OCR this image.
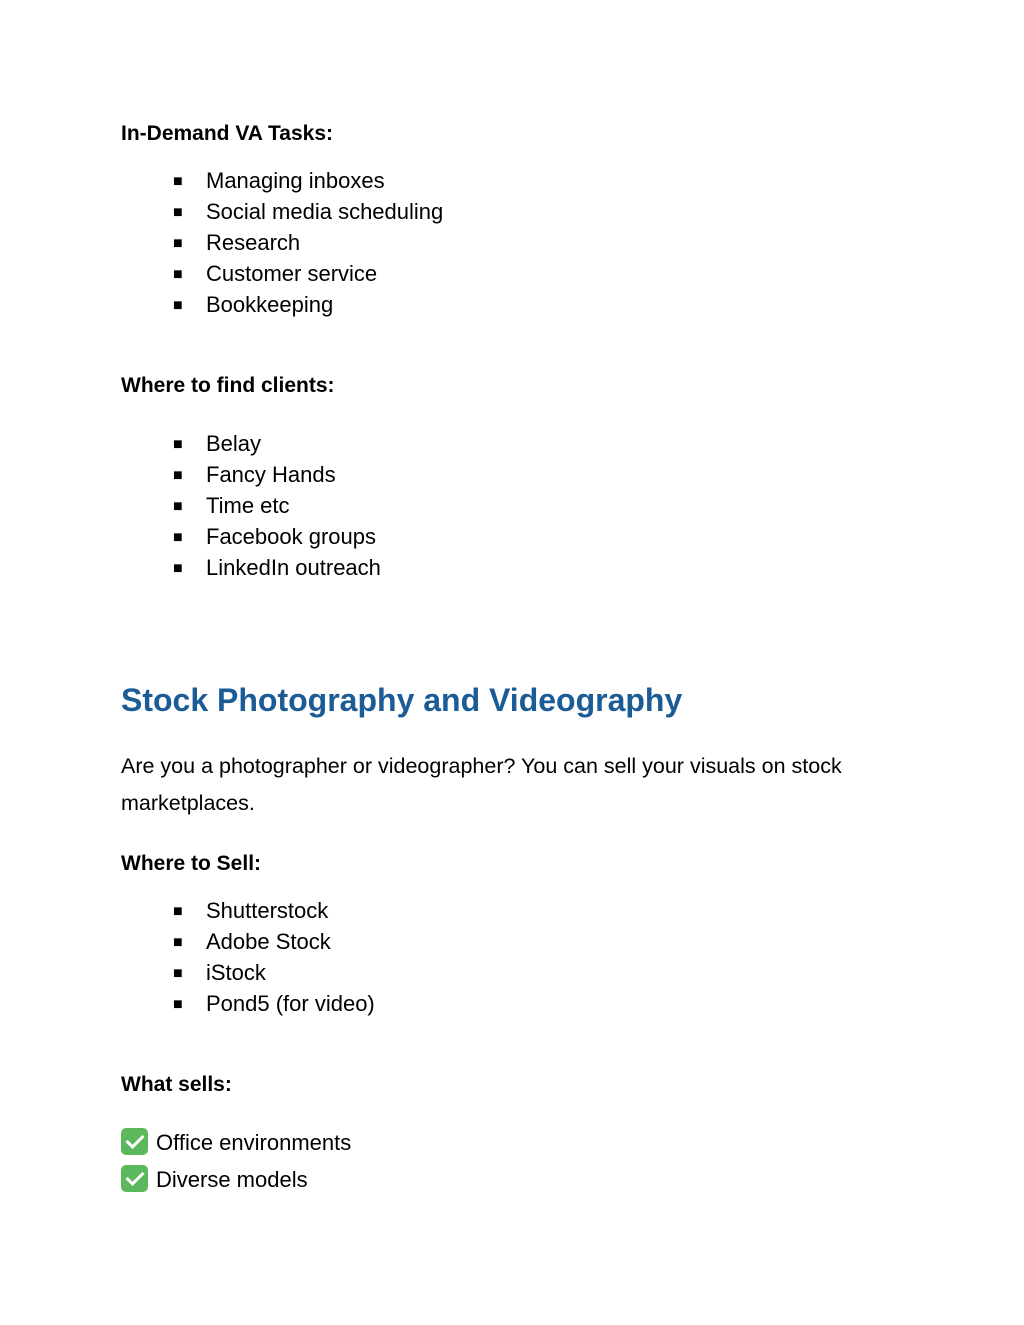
In-Demand VA Tasks:

■ Managing inboxes
■ Social media scheduling
■ Research
■ Customer service
■ Bookkeeping

Where to find clients:

■ Belay
■ Fancy Hands
■ Time etc
■ Facebook groups
■ LinkedIn outreach
Stock Photography and Videography

Are you a photographer or videographer? You can sell your visuals on stock marketplaces.

Where to Sell:

■ Shutterstock
■ Adobe Stock
■ iStock
■ Pond5 (for video)

What sells:

Office environments
Diverse models
